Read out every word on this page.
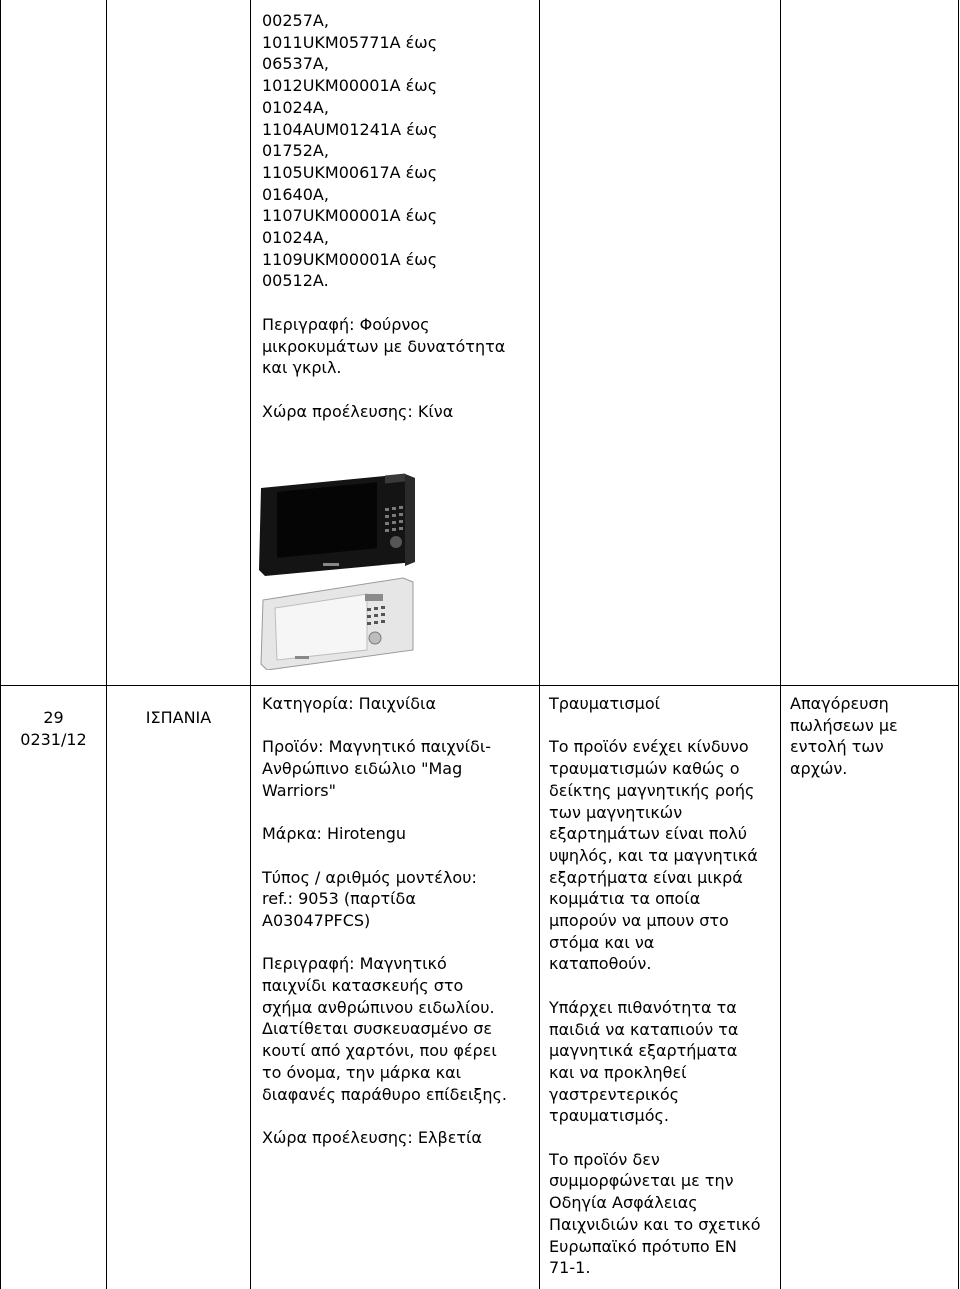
00257A,
1011UKM05771A έως
06537A,
1012UKM00001A έως
01024A,
1104AUM01241A έως
01752A,
1105UKM00617A έως
01640A,
1107UKM00001A έως
01024A,
1109UKM00001A έως
00512A.
Περιγραφή: Φούρνος
μικροκυμάτων με δυνατότητα
και γκριλ.
Χώρα προέλευσης: Κίνα
29
0231/12
ΙΣΠΑΝΙΑ
Κατηγορία: Παιχνίδια
Προϊόν: Μαγνητικό παιχνίδι-
Ανθρώπινο ειδώλιο "Mag
Warriors"
Μάρκα: Hirotengu
Τύπος / αριθμός μοντέλου:
ref.: 9053 (παρτίδα
A03047PFCS)
Περιγραφή: Μαγνητικό
παιχνίδι κατασκευής στο
σχήμα ανθρώπινου ειδωλίου.
Διατίθεται συσκευασμένο σε
κουτί από χαρτόνι, που φέρει
το όνομα, την μάρκα και
διαφανές παράθυρο επίδειξης.
Χώρα προέλευσης: Ελβετία
Τραυματισμοί
Το προϊόν ενέχει κίνδυνο
τραυματισμών καθώς ο
δείκτης μαγνητικής ροής
των μαγνητικών
εξαρτημάτων είναι πολύ
υψηλός, και τα μαγνητικά
εξαρτήματα είναι μικρά
κομμάτια τα οποία
μπορούν να μπουν στο
στόμα και να
καταποθούν.
Υπάρχει πιθανότητα τα
παιδιά να καταπιούν τα
μαγνητικά εξαρτήματα
και να προκληθεί
γαστρεντερικός
τραυματισμός.
Το προϊόν δεν
συμμορφώνεται με την
Οδηγία Ασφάλειας
Παιχνιδιών και το σχετικό
Ευρωπαϊκό πρότυπο EN
71-1.
Απαγόρευση
πωλήσεων με
εντολή των
αρχών.
